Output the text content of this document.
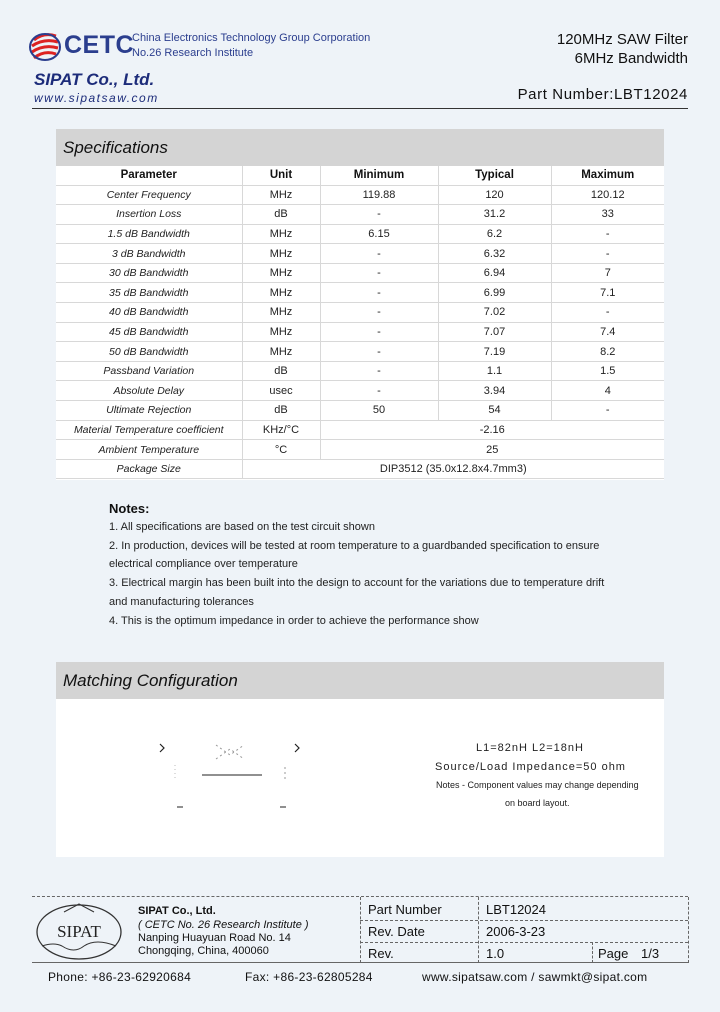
CETC
China Electronics Technology Group Corporation
No.26 Research Institute
SIPAT Co., Ltd.
www.sipatsaw.com
120MHz SAW Filter
6MHz Bandwidth
Part Number:LBT12024
Specifications
Parameter	Unit	Minimum	Typical	Maximum
Center Frequency	MHz	119.88	120	120.12
Insertion Loss	dB	-	31.2	33
1.5 dB Bandwidth	MHz	6.15	6.2	-
3 dB Bandwidth	MHz	-	6.32	-
30 dB Bandwidth	MHz	-	6.94	7
35 dB Bandwidth	MHz	-	6.99	7.1
40 dB Bandwidth	MHz	-	7.02	-
45 dB Bandwidth	MHz	-	7.07	7.4
50 dB Bandwidth	MHz	-	7.19	8.2
Passband Variation	dB	-	1.1	1.5
Absolute Delay	usec	-	3.94	4
Ultimate Rejection	dB	50	54	-
Material Temperature coefficient	KHz/°C	-2.16		
Ambient Temperature	°C	25		
Package Size	DIP3512 (35.0x12.8x4.7mm3)			
Notes:
1. All specifications are based on the test circuit shown
2. In production, devices will be tested at room temperature to a guardbanded specification to ensure
electrical compliance over temperature
3. Electrical margin has been built into the design to account for the variations due to temperature drift
and manufacturing tolerances
4. This is the optimum impedance in order to achieve the performance show
Matching Configuration
L1=82nH L2=18nH
Source/Load Impedance=50 ohm
Notes - Component values may change depending
on board layout.
SIPAT
SIPAT Co., Ltd.
( CETC No. 26 Research Institute )
Nanping Huayuan Road No. 14
Chongqing, China, 400060
Part Number	LBT12024
Rev. Date	2006-3-23
Rev.	1.0	Page 1/3
Phone: +86-23-62920684	Fax: +86-23-62805284	www.sipatsaw.com / sawmkt@sipat.com
